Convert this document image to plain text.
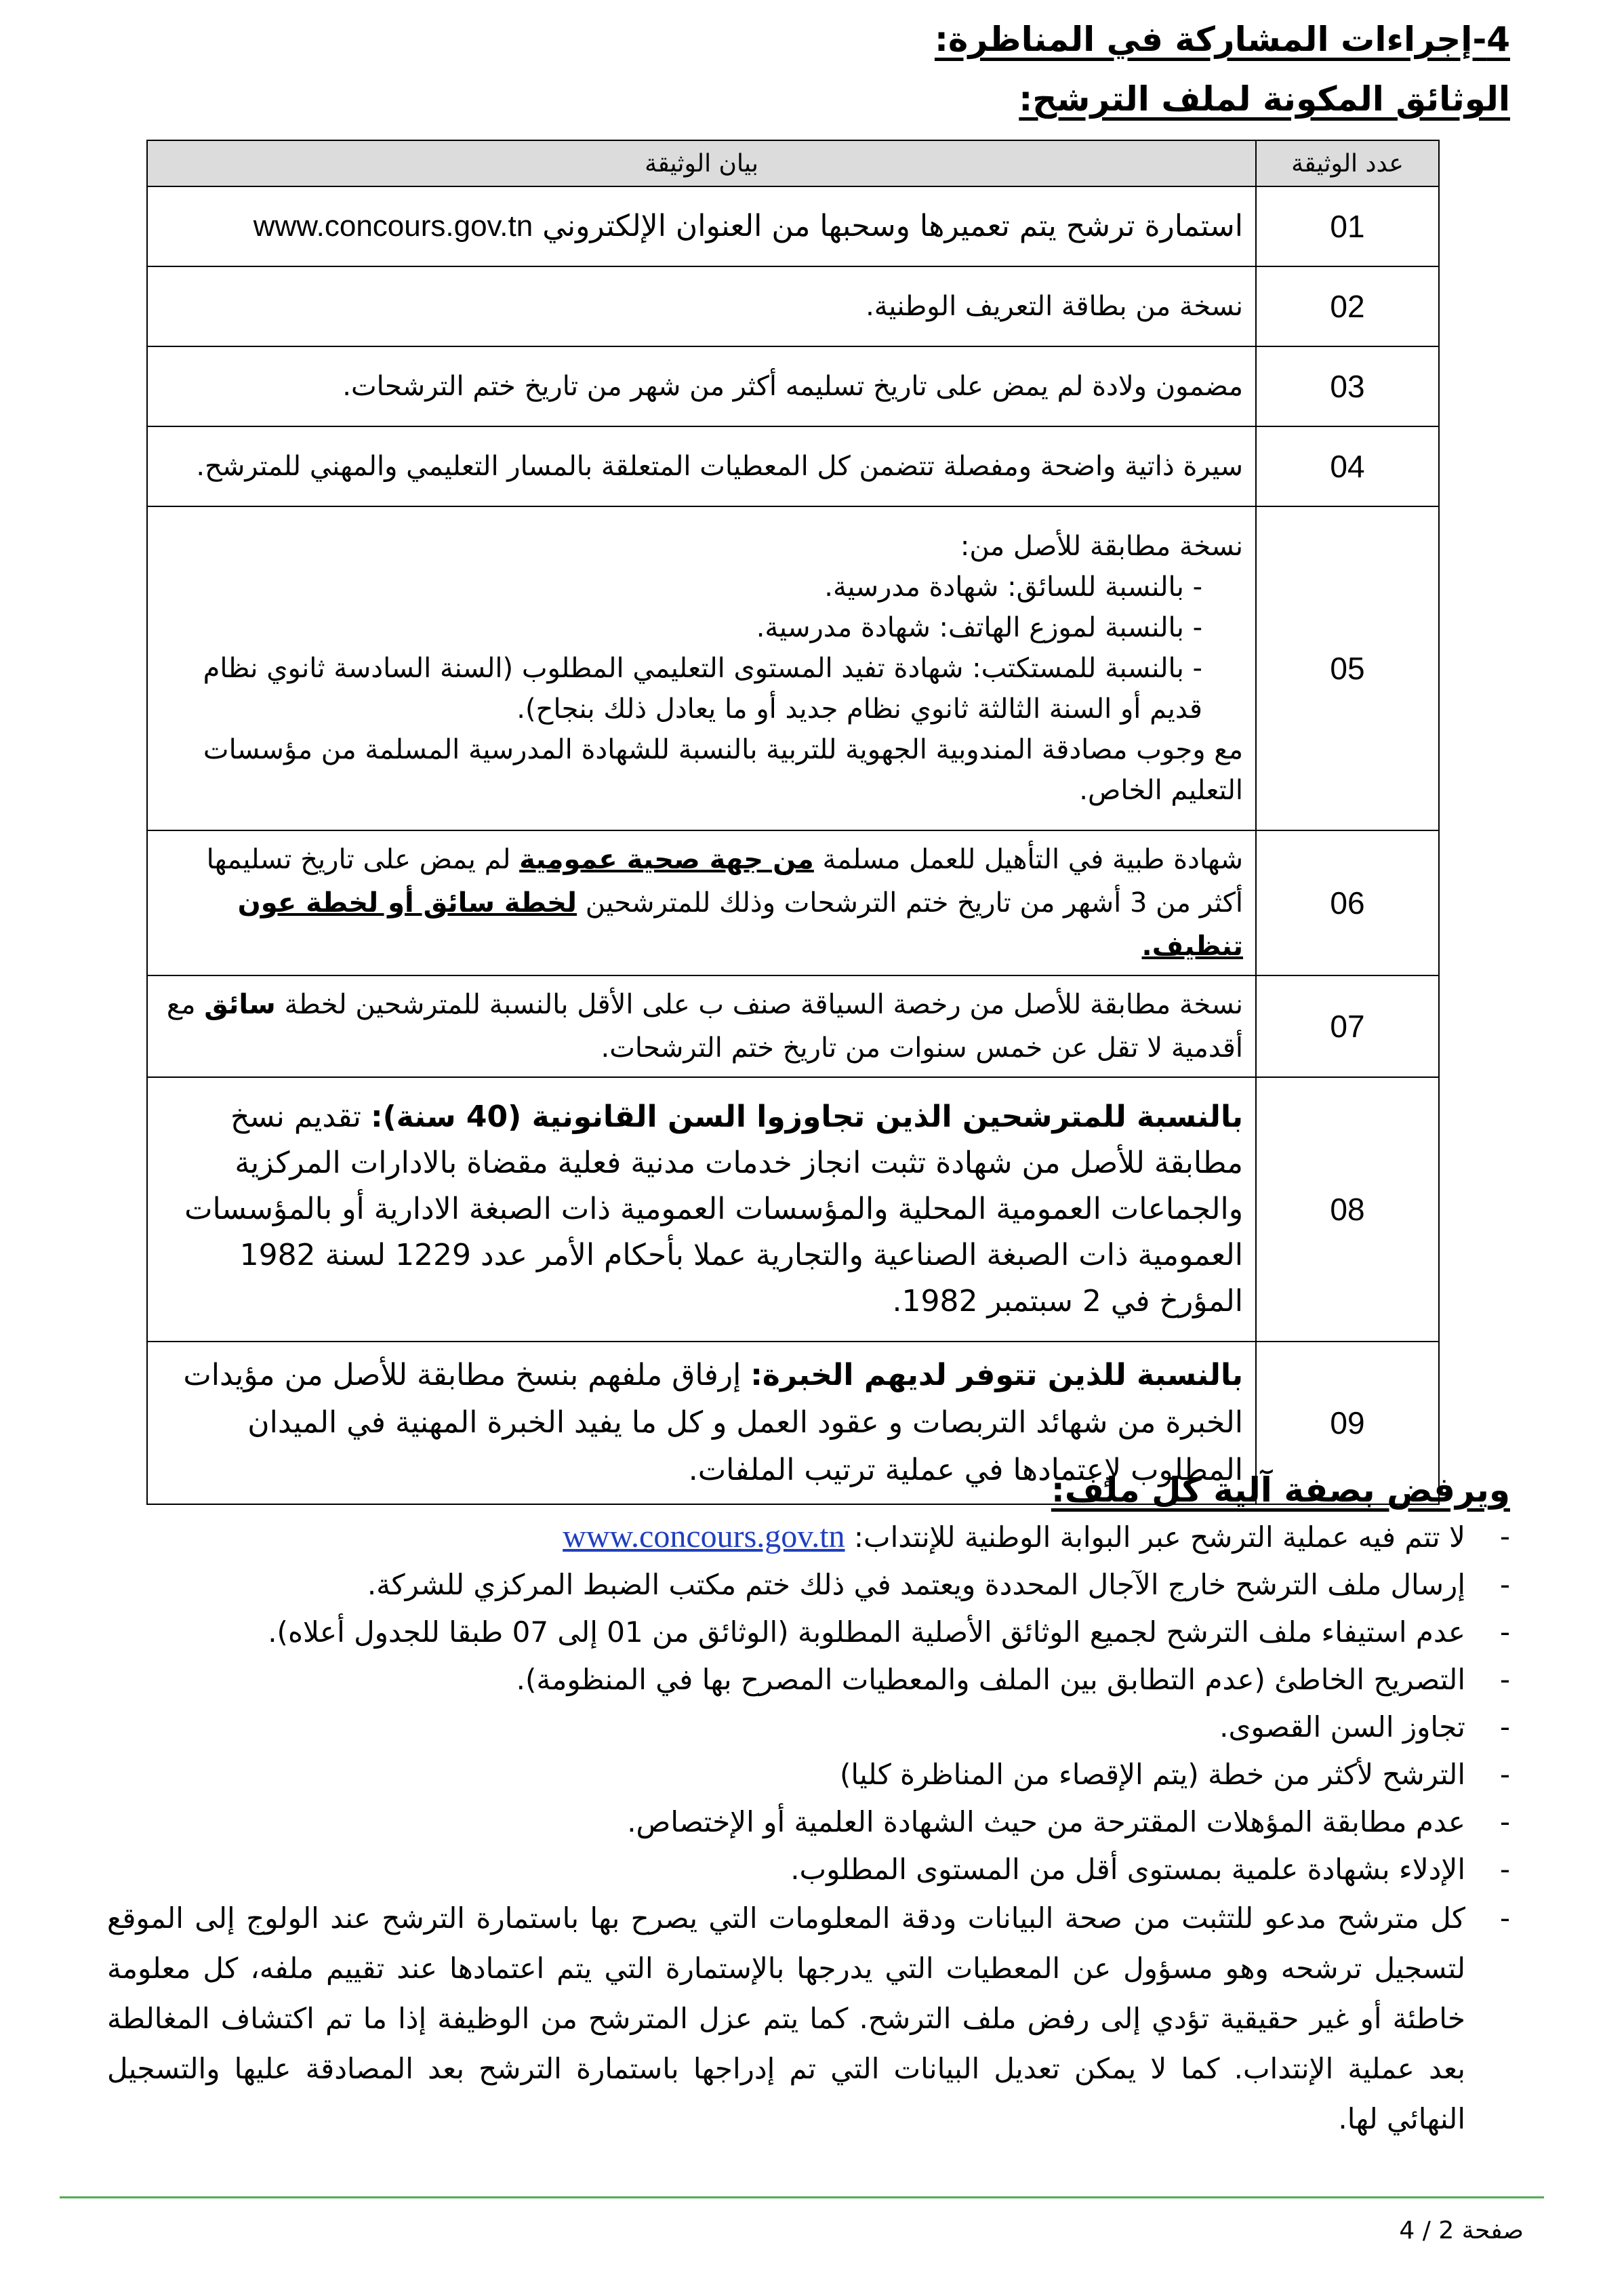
4-إجراءات المشاركة في المناظرة:
الوثائق المكونة لملف الترشح:
عدد الوثيقة	بيان الوثيقة
01	استمارة ترشح يتم تعميرها وسحبها من العنوان الإلكتروني www.concours.gov.tn
02	نسخة من بطاقة التعريف الوطنية.
03	مضمون ولادة لم يمض على تاريخ تسليمه أكثر من شهر من تاريخ ختم الترشحات.
04	سيرة ذاتية واضحة ومفصلة تتضمن كل المعطيات المتعلقة بالمسار التعليمي والمهني للمترشح.
05	نسخة مطابقة للأصل من:
- بالنسبة للسائق: شهادة مدرسية.
- بالنسبة لموزع الهاتف: شهادة مدرسية.
- بالنسبة للمستكتب: شهادة تفيد المستوى التعليمي المطلوب (السنة السادسة ثانوي نظام قديم أو السنة الثالثة ثانوي نظام جديد أو ما يعادل ذلك بنجاح).
مع وجوب مصادقة المندوبية الجهوية للتربية بالنسبة للشهادة المدرسية المسلمة من مؤسسات التعليم الخاص.

06	شهادة طبية في التأهيل للعمل مسلمة من جهة صحية عمومية لم يمض على تاريخ تسليمها أكثر من 3 أشهر من تاريخ ختم الترشحات وذلك للمترشحين لخطة سائق أو لخطة عون تنظيف.
07	نسخة مطابقة للأصل من رخصة السياقة صنف ب على الأقل بالنسبة للمترشحين لخطة سائق مع أقدمية لا تقل عن خمس سنوات من تاريخ ختم الترشحات.
08	بالنسبة للمترشحين الذين تجاوزوا السن القانونية (40 سنة): تقديم نسخ مطابقة للأصل من شهادة تثبت انجاز خدمات مدنية فعلية مقضاة بالادارات المركزية والجماعات العمومية المحلية والمؤسسات العمومية ذات الصبغة الادارية أو بالمؤسسات العمومية ذات الصبغة الصناعية والتجارية عملا بأحكام الأمر عدد 1229 لسنة 1982 المؤرخ في 2 سبتمبر 1982.
09	بالنسبة للذين تتوفر لديهم الخبرة: إرفاق ملفهم بنسخ مطابقة للأصل من مؤيدات الخبرة من شهائد التربصات و عقود العمل و كل ما يفيد الخبرة المهنية في الميدان المطلوب لإعتمادها في عملية ترتيب الملفات.
ويرفض بصفة آلية كل ملف:
-
لا تتم فيه عملية الترشح عبر البوابة الوطنية للإنتداب: www.concours.gov.tn
-
إرسال ملف الترشح خارج الآجال المحددة ويعتمد في ذلك ختم مكتب الضبط المركزي للشركة.
-
عدم استيفاء ملف الترشح لجميع الوثائق الأصلية المطلوبة (الوثائق من 01 إلى 07 طبقا للجدول أعلاه).
-
التصريح الخاطئ (عدم التطابق بين الملف والمعطيات المصرح بها في المنظومة).
-
تجاوز السن القصوى.
-
الترشح لأكثر من خطة (يتم الإقصاء من المناظرة كليا)
-
عدم مطابقة المؤهلات المقترحة من حيث الشهادة العلمية أو الإختصاص.
-
الإدلاء بشهادة علمية بمستوى أقل من المستوى المطلوب.
-
كل مترشح مدعو للتثبت من صحة البيانات ودقة المعلومات التي يصرح بها باستمارة الترشح عند الولوج إلى الموقع لتسجيل ترشحه وهو مسؤول عن المعطيات التي يدرجها بالإستمارة التي يتم اعتمادها عند تقييم ملفه، كل معلومة خاطئة أو غير حقيقية تؤدي إلى رفض ملف الترشح. كما يتم عزل المترشح من الوظيفة إذا ما تم اكتشاف المغالطة بعد عملية الإنتداب. كما لا يمكن تعديل البيانات التي تم إدراجها باستمارة الترشح بعد المصادقة عليها والتسجيل النهائي لها.
صفحة 2 / 4
